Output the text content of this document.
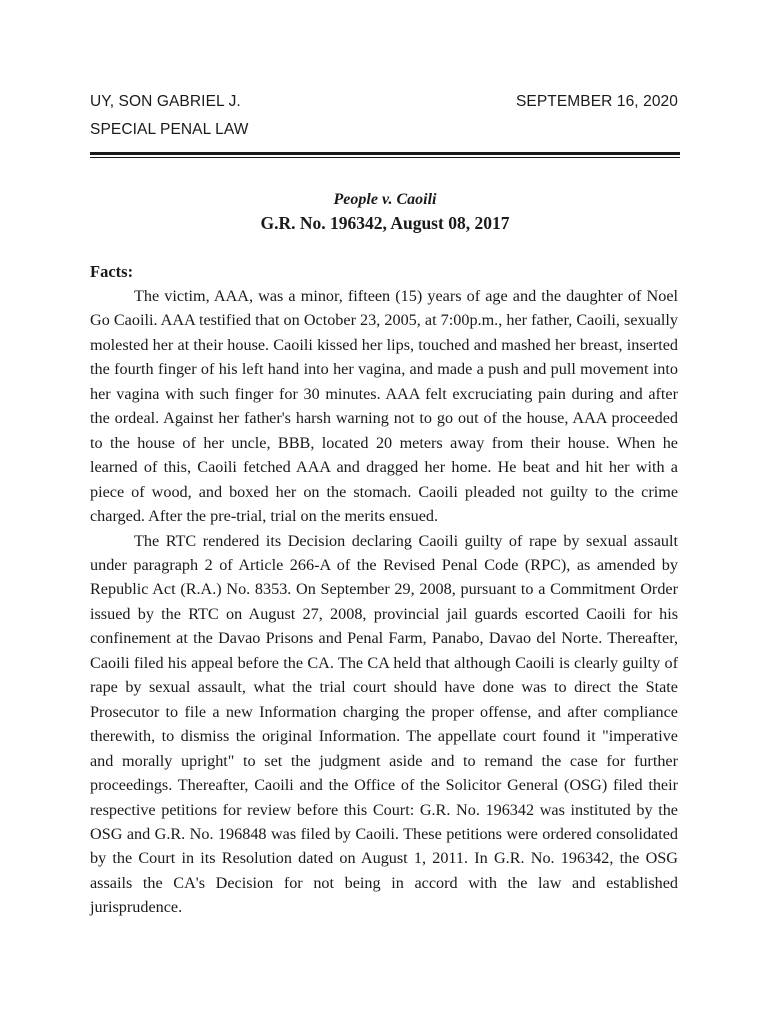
UY, SON GABRIEL J.	SEPTEMBER 16, 2020
SPECIAL PENAL LAW
People v. Caoili
G.R. No. 196342, August 08, 2017
Facts:

The victim, AAA, was a minor, fifteen (15) years of age and the daughter of Noel Go Caoili. AAA testified that on October 23, 2005, at 7:00p.m., her father, Caoili, sexually molested her at their house. Caoili kissed her lips, touched and mashed her breast, inserted the fourth finger of his left hand into her vagina, and made a push and pull movement into her vagina with such finger for 30 minutes. AAA felt excruciating pain during and after the ordeal. Against her father's harsh warning not to go out of the house, AAA proceeded to the house of her uncle, BBB, located 20 meters away from their house. When he learned of this, Caoili fetched AAA and dragged her home. He beat and hit her with a piece of wood, and boxed her on the stomach. Caoili pleaded not guilty to the crime charged. After the pre-trial, trial on the merits ensued.

The RTC rendered its Decision declaring Caoili guilty of rape by sexual assault under paragraph 2 of Article 266-A of the Revised Penal Code (RPC), as amended by Republic Act (R.A.) No. 8353. On September 29, 2008, pursuant to a Commitment Order issued by the RTC on August 27, 2008, provincial jail guards escorted Caoili for his confinement at the Davao Prisons and Penal Farm, Panabo, Davao del Norte. Thereafter, Caoili filed his appeal before the CA. The CA held that although Caoili is clearly guilty of rape by sexual assault, what the trial court should have done was to direct the State Prosecutor to file a new Information charging the proper offense, and after compliance therewith, to dismiss the original Information. The appellate court found it "imperative and morally upright" to set the judgment aside and to remand the case for further proceedings. Thereafter, Caoili and the Office of the Solicitor General (OSG) filed their respective petitions for review before this Court: G.R. No. 196342 was instituted by the OSG and G.R. No. 196848 was filed by Caoili. These petitions were ordered consolidated by the Court in its Resolution dated on August 1, 2011. In G.R. No. 196342, the OSG assails the CA's Decision for not being in accord with the law and established jurisprudence.
